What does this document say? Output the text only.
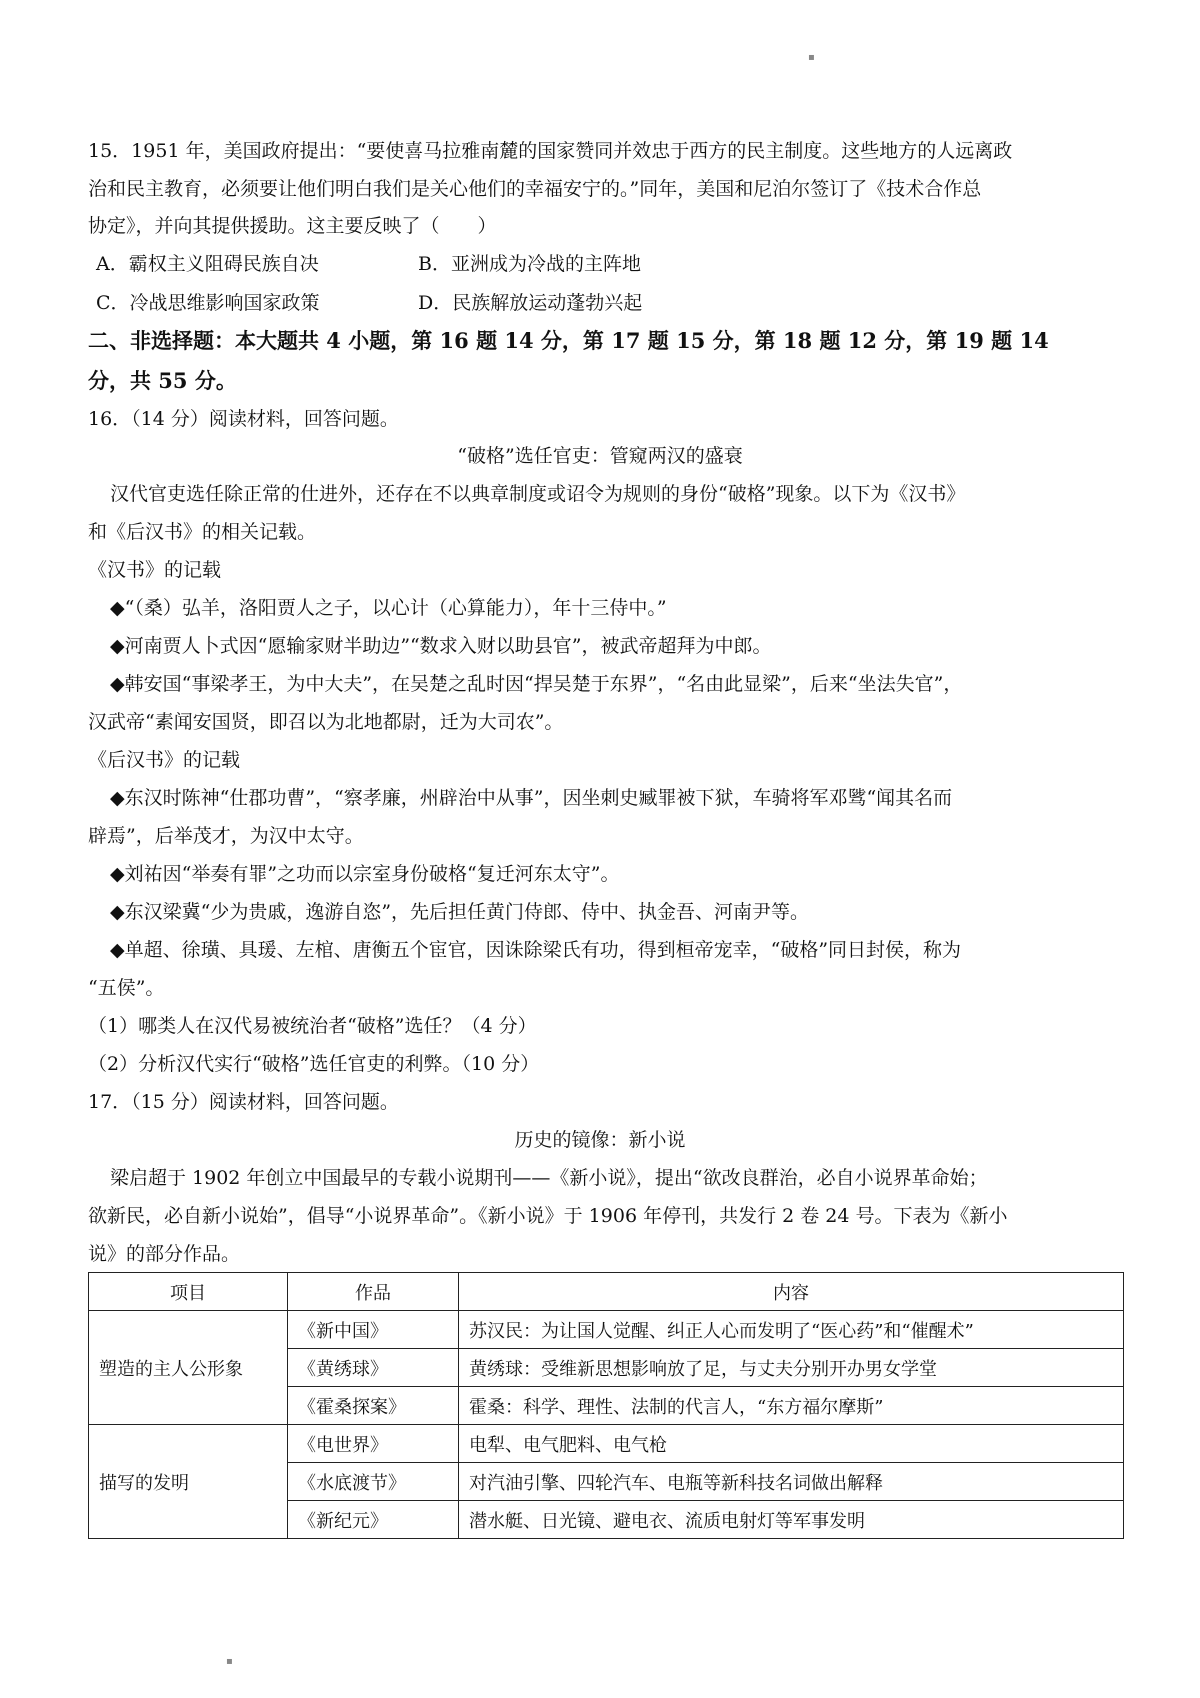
▪
15．1951 年，美国政府提出：“要使喜马拉雅南麓的国家赞同并效忠于西方的民主制度。这些地方的人远离政
治和民主教育，必须要让他们明白我们是关心他们的幸福安宁的。”同年，美国和尼泊尔签订了《技术合作总
协定》，并向其提供援助。这主要反映了（　　）
A．霸权主义阻碍民族自决	B．亚洲成为冷战的主阵地
C．冷战思维影响国家政策	D．民族解放运动蓬勃兴起
二、非选择题：本大题共 4 小题，第 16 题 14 分，第 17 题 15 分，第 18 题 12 分，第 19 题 14
分，共 55 分。
16．（14 分）阅读材料，回答问题。
“破格”选任官吏：管窥两汉的盛衰
汉代官吏选任除正常的仕进外，还存在不以典章制度或诏令为规则的身份“破格”现象。以下为《汉书》
和《后汉书》的相关记载。
《汉书》的记载
◆“（桑）弘羊，洛阳贾人之子，以心计（心算能力），年十三侍中。”
◆河南贾人卜式因“愿输家财半助边”“数求入财以助县官”，被武帝超拜为中郎。
◆韩安国“事梁孝王，为中大夫”，在吴楚之乱时因“捍吴楚于东界”，“名由此显梁”，后来“坐法失官”，
汉武帝“素闻安国贤，即召以为北地都尉，迁为大司农”。
《后汉书》的记载
◆东汉时陈神“仕郡功曹”，“察孝廉，州辟治中从事”，因坐刺史臧罪被下狱，车骑将军邓骘“闻其名而
辟焉”，后举茂才，为汉中太守。
◆刘祐因“举奏有罪”之功而以宗室身份破格“复迁河东太守”。
◆东汉梁冀“少为贵戚，逸游自恣”，先后担任黄门侍郎、侍中、执金吾、河南尹等。
◆单超、徐璜、具瑗、左棺、唐衡五个宦官，因诛除梁氏有功，得到桓帝宠幸，“破格”同日封侯，称为
“五侯”。
（1）哪类人在汉代易被统治者“破格”选任？（4 分）
（2）分析汉代实行“破格”选任官吏的利弊。（10 分）
17．（15 分）阅读材料，回答问题。
历史的镜像：新小说
梁启超于 1902 年创立中国最早的专载小说期刊——《新小说》，提出“欲改良群治，必自小说界革命始；
欲新民，必自新小说始”，倡导“小说界革命”。《新小说》于 1906 年停刊，共发行 2 卷 24 号。下表为《新小
说》的部分作品。
项目	作品	内容
塑造的主人公形象	《新中国》	苏汉民：为让国人觉醒、纠正人心而发明了“医心药”和“催醒术”
	《黄绣球》	黄绣球：受维新思想影响放了足，与丈夫分别开办男女学堂
	《霍桑探案》	霍桑：科学、理性、法制的代言人，“东方福尔摩斯”
描写的发明	《电世界》	电犁、电气肥料、电气枪
	《水底渡节》	对汽油引擎、四轮汽车、电瓶等新科技名词做出解释
	《新纪元》	潜水艇、日光镜、避电衣、流质电射灯等军事发明
▪
